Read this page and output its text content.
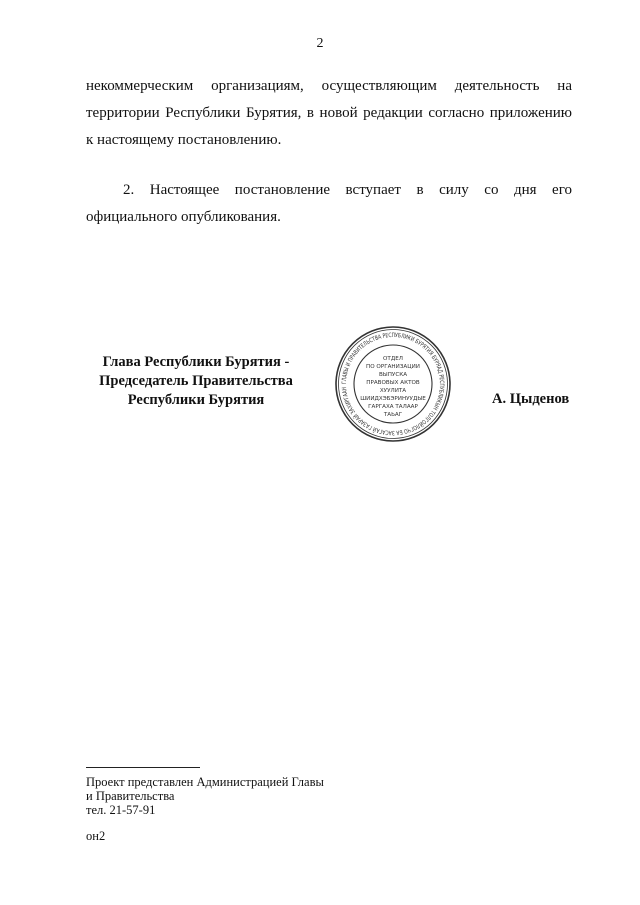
2
некоммерческим организациям, осуществляющим деятельность на
территории Республики Бурятия, в новой редакции согласно приложению
к настоящему постановлению.
2. Настоящее постановление вступает в силу со дня его
официального опубликования.
Глава Республики Бурятия -
Председатель Правительства
Республики Бурятия
ГЛАВЫ И ПРАВИТЕЛЬСТВА РЕСПУБЛИКИ БУРЯТИЯ БУРЯАД РЕСПУБЛИКЫН ТОЛГОЙЛОГЧО БА ЗАСАГАЙ ГАЗАРАЙ ЗАХИРГААН
ОТДЕЛ
ПО ОРГАНИЗАЦИИ
ВЫПУСКА
ПРАВОВЫХ АКТОВ
ХУУЛИТА
ШИИДХЭБЭРИНУУДЫЕ
ГАРГАХА ТАЛААР
ТАЬАГ
А. Цыденов
Проект представлен Администрацией Главы
и Правительства
тел. 21-57-91
он2
